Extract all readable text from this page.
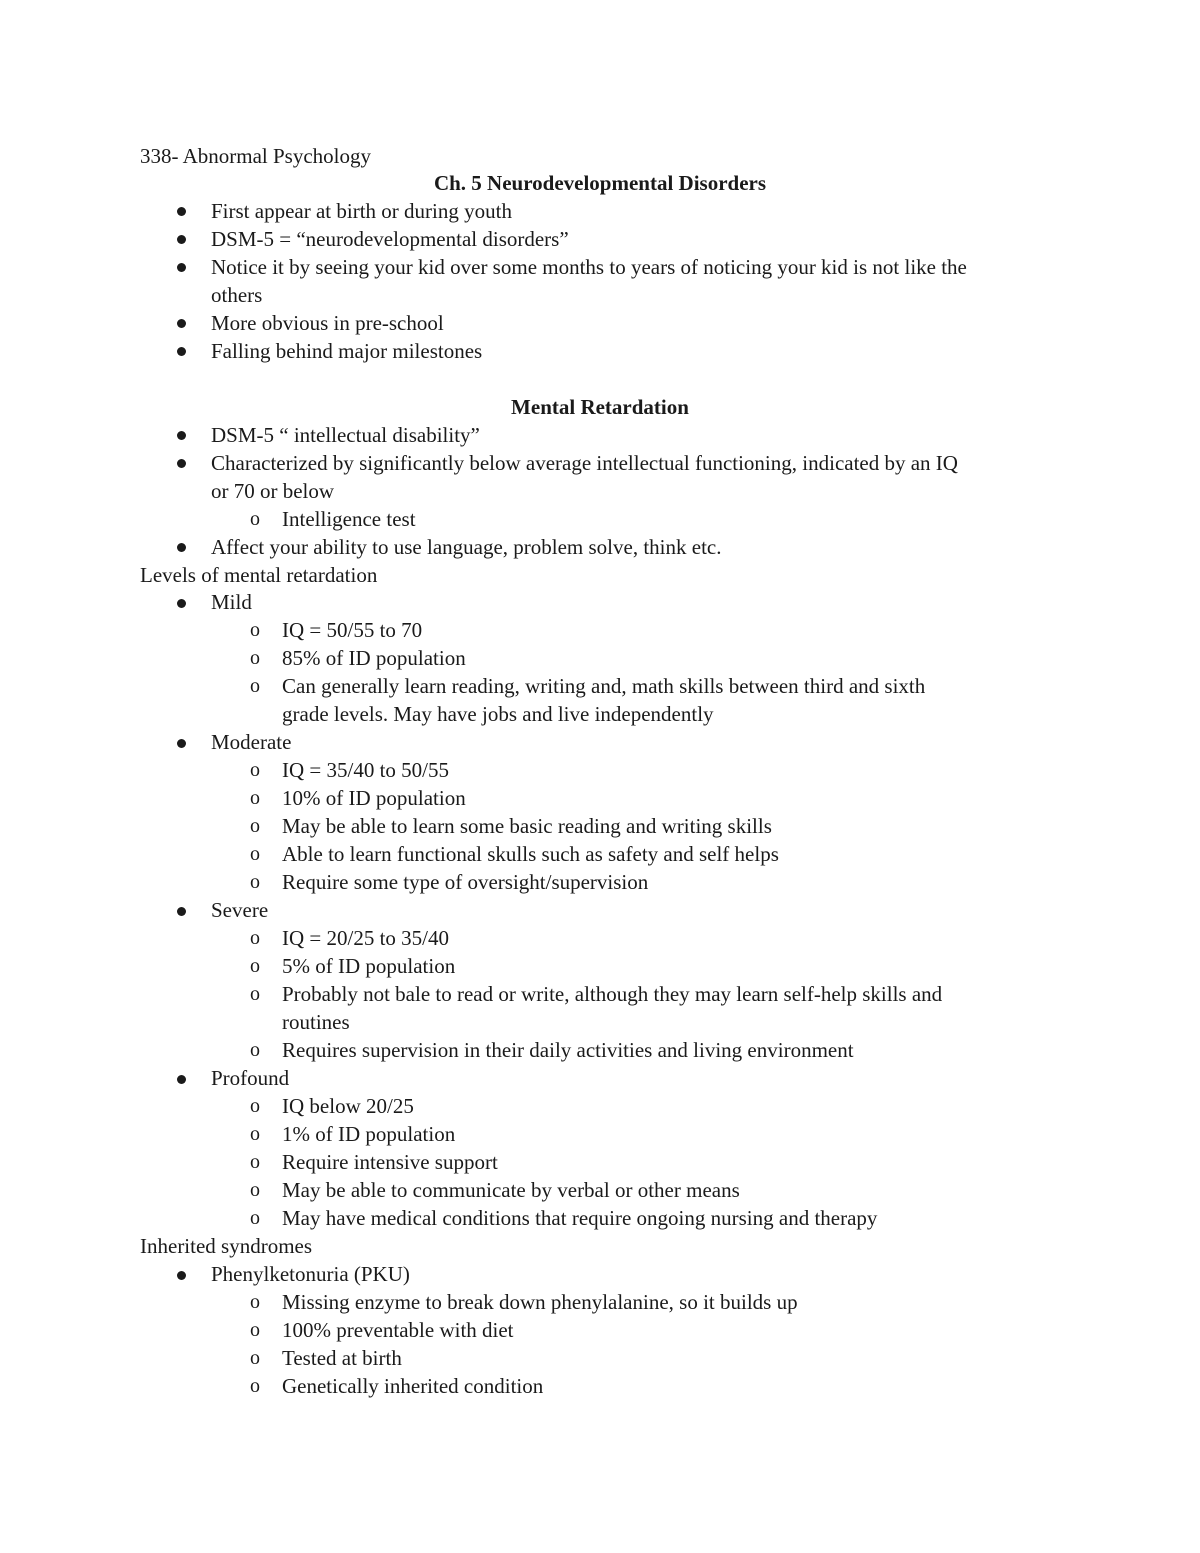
338- Abnormal Psychology
Ch. 5 Neurodevelopmental Disorders
First appear at birth or during youth
DSM-5 = “neurodevelopmental disorders”
Notice it by seeing your kid over some months to years of noticing your kid is not like the
others
More obvious in pre-school
Falling behind major milestones
Mental Retardation
DSM-5 “ intellectual disability”
Characterized by significantly below average intellectual functioning, indicated by an IQ
or 70 or below
o Intelligence test
Affect your ability to use language, problem solve, think etc.
Levels of mental retardation
Mild
o IQ = 50/55 to 70
o 85% of ID population
o Can generally learn reading, writing and, math skills between third and sixth
grade levels. May have jobs and live independently
Moderate
o IQ = 35/40 to 50/55
o 10% of ID population
o May be able to learn some basic reading and writing skills
o Able to learn functional skulls such as safety and self helps
o Require some type of oversight/supervision
Severe
o IQ = 20/25 to 35/40
o 5% of ID population
o Probably not bale to read or write, although they may learn self-help skills and
routines
o Requires supervision in their daily activities and living environment
Profound
o IQ below 20/25
o 1% of ID population
o Require intensive support
o May be able to communicate by verbal or other means
o May have medical conditions that require ongoing nursing and therapy
Inherited syndromes
Phenylketonuria (PKU)
o Missing enzyme to break down phenylalanine, so it builds up
o 100% preventable with diet
o Tested at birth
o Genetically inherited condition
